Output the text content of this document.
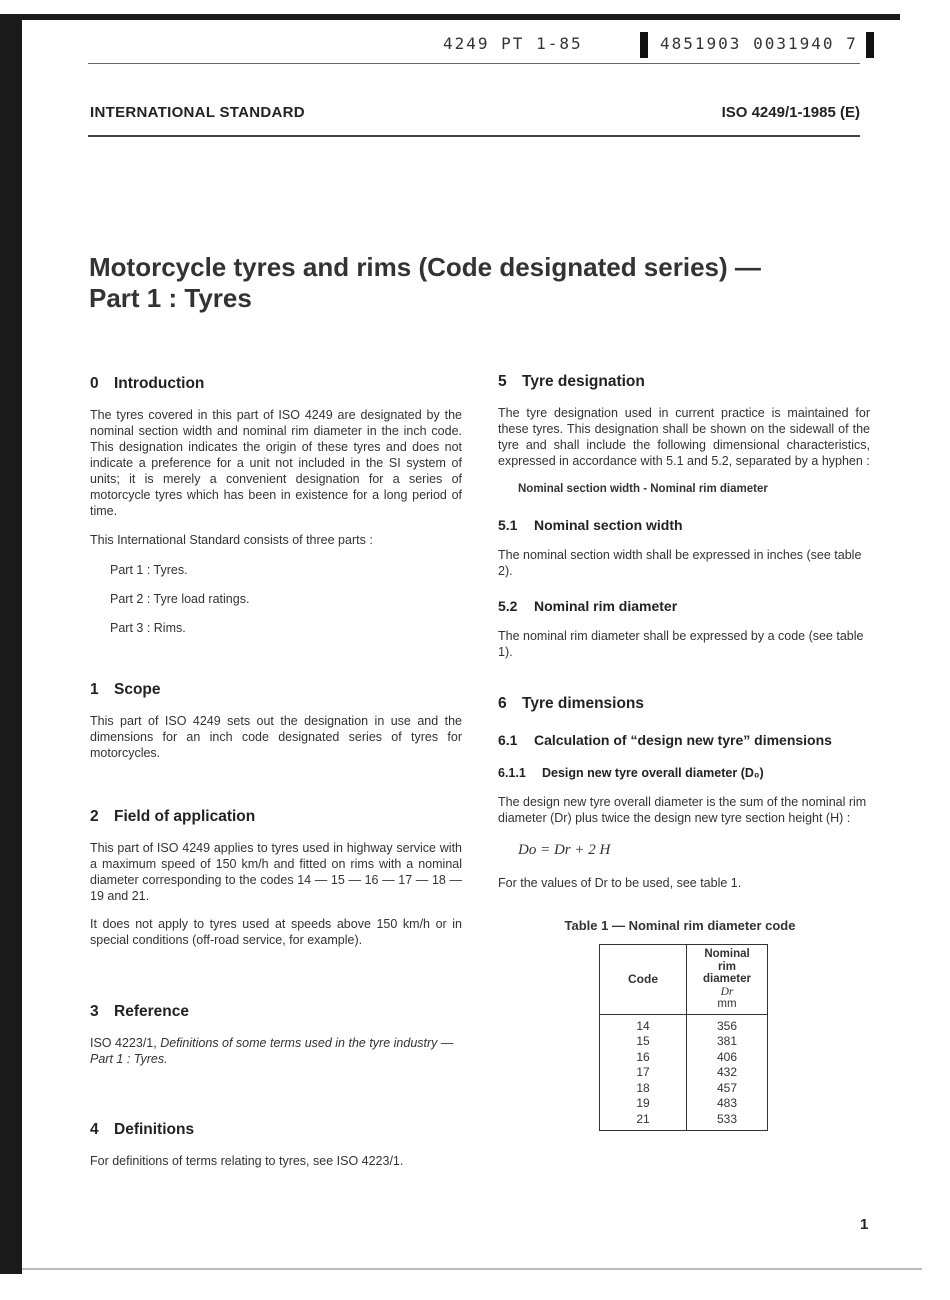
4249 PT 1-85	4851903 0031940 7
INTERNATIONAL STANDARD	ISO 4249/1-1985 (E)
Motorcycle tyres and rims (Code designated series) —
Part 1 : Tyres
0 Introduction
The tyres covered in this part of ISO 4249 are designated by the nominal section width and nominal rim diameter in the inch code. This designation indicates the origin of these tyres and does not indicate a preference for a unit not included in the SI system of units; it is merely a convenient designation for a series of motorcycle tyres which has been in existence for a long period of time.
This International Standard consists of three parts :
Part 1 : Tyres.
Part 2 : Tyre load ratings.
Part 3 : Rims.
1 Scope
This part of ISO 4249 sets out the designation in use and the dimensions for an inch code designated series of tyres for motorcycles.
2 Field of application
This part of ISO 4249 applies to tyres used in highway service with a maximum speed of 150 km/h and fitted on rims with a nominal diameter corresponding to the codes 14 — 15 — 16 — 17 — 18 — 19 and 21.
It does not apply to tyres used at speeds above 150 km/h or in special conditions (off-road service, for example).
3 Reference
ISO 4223/1, Definitions of some terms used in the tyre industry — Part 1 : Tyres.
4 Definitions
For definitions of terms relating to tyres, see ISO 4223/1.
5 Tyre designation
The tyre designation used in current practice is maintained for these tyres. This designation shall be shown on the sidewall of the tyre and shall include the following dimensional characteristics, expressed in accordance with 5.1 and 5.2, separated by a hyphen :
Nominal section width - Nominal rim diameter
5.1 Nominal section width
The nominal section width shall be expressed in inches (see table 2).
5.2 Nominal rim diameter
The nominal rim diameter shall be expressed by a code (see table 1).
6 Tyre dimensions
6.1 Calculation of “design new tyre” dimensions
6.1.1 Design new tyre overall diameter (D₀)
The design new tyre overall diameter is the sum of the nominal rim diameter (Dr) plus twice the design new tyre section height (H) :
Do = Dr + 2 H
For the values of Dr to be used, see table 1.
Table 1 — Nominal rim diameter code
Code	Nominal
rim
diameter
Dr
mm

14	356
15	381
16	406
17	432
18	457
19	483
21	533
1
